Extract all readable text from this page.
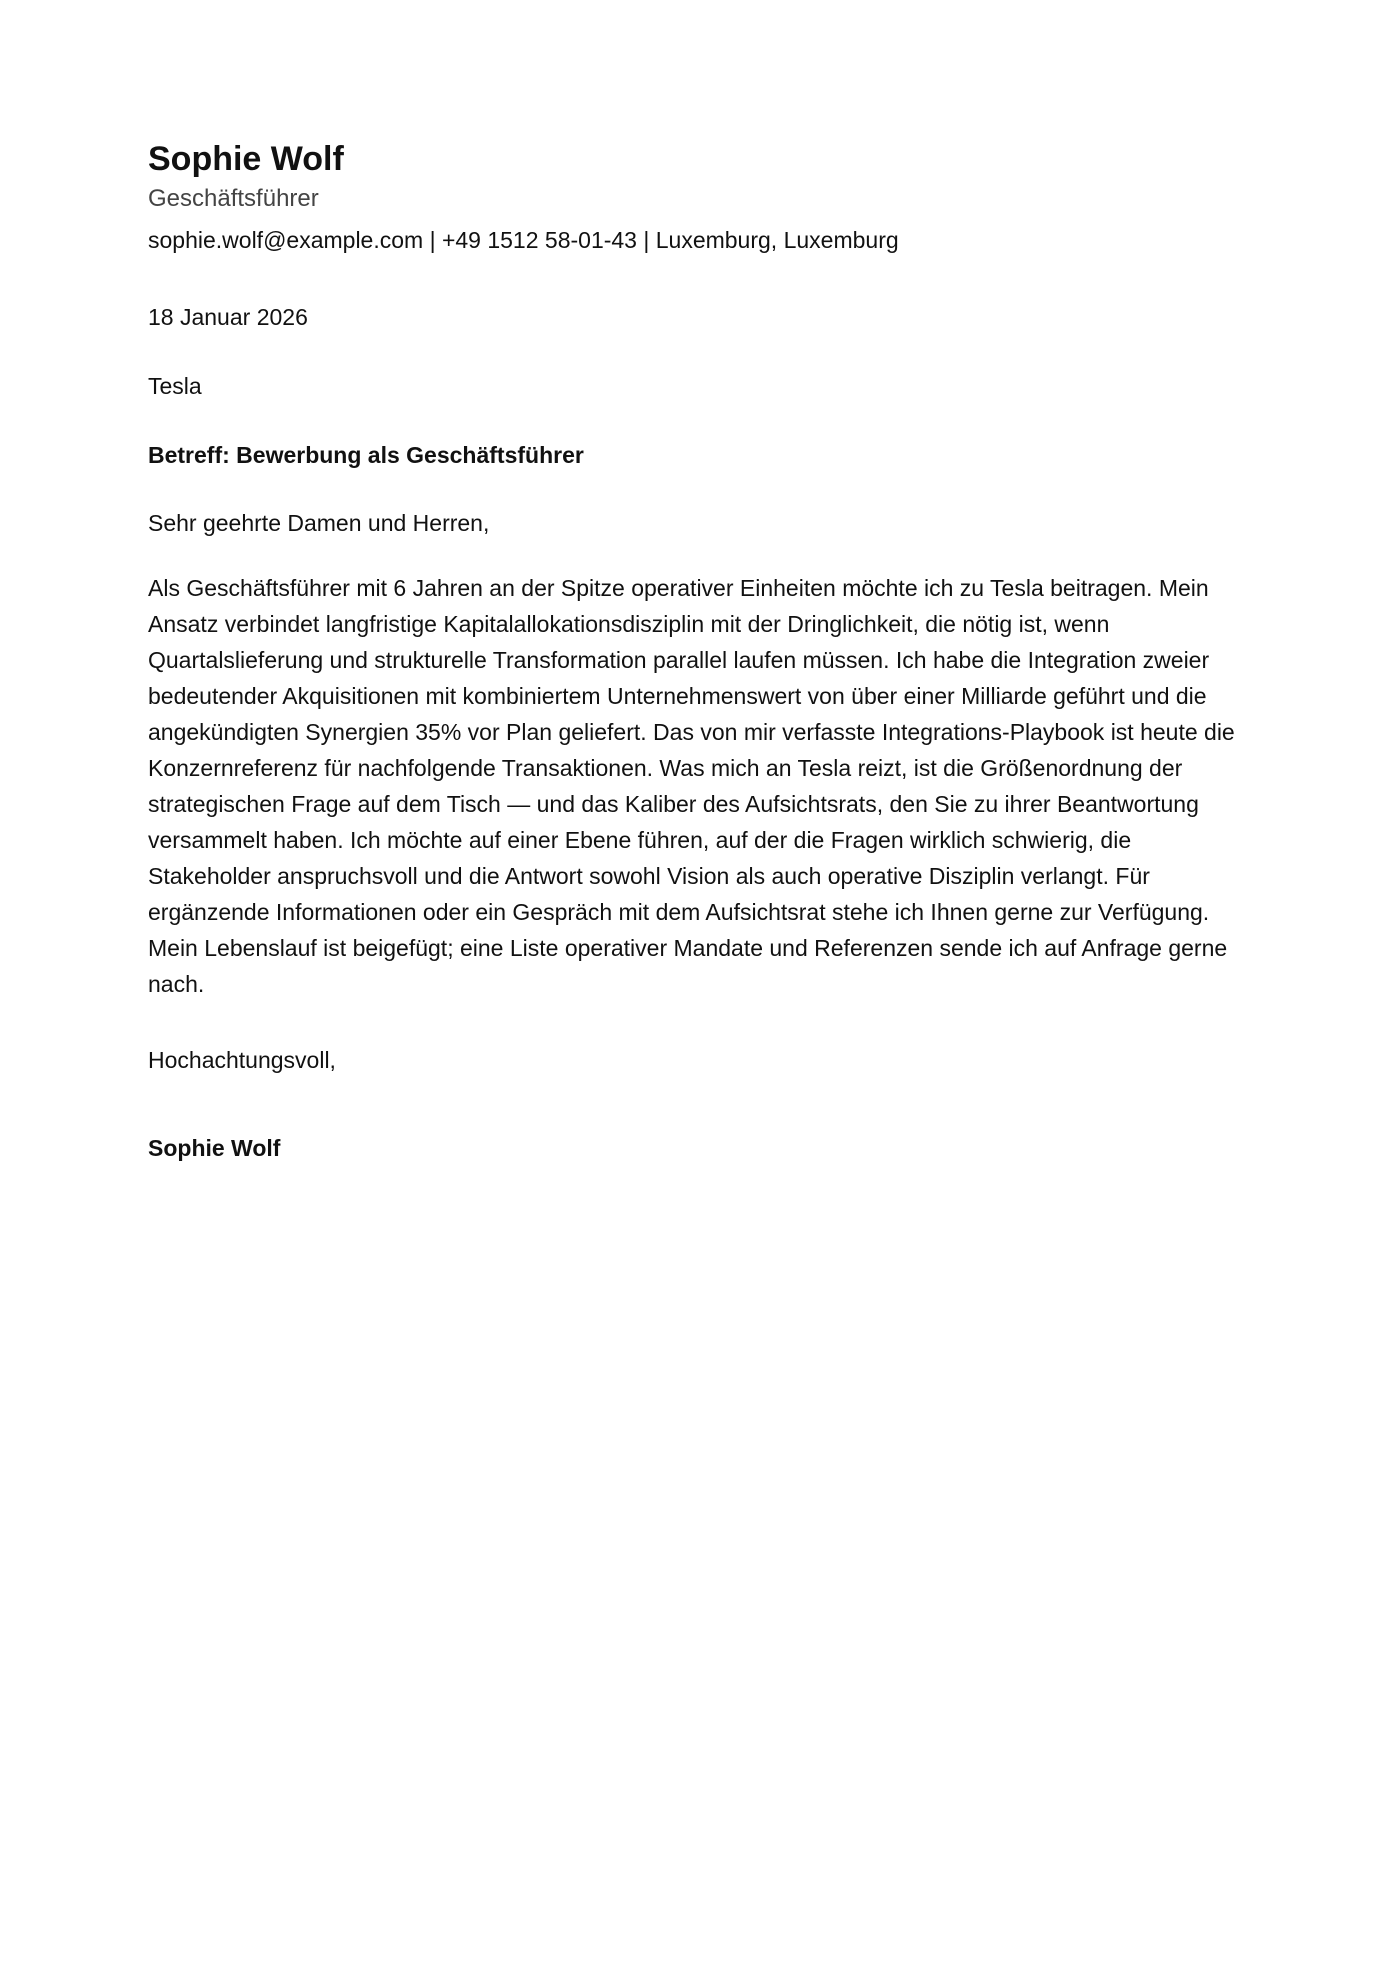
Sophie Wolf
Geschäftsführer
sophie.wolf@example.com | +49 1512 58-01-43 | Luxemburg, Luxemburg
18 Januar 2026
Tesla
Betreff: Bewerbung als Geschäftsführer
Sehr geehrte Damen und Herren,
Als Geschäftsführer mit 6 Jahren an der Spitze operativer Einheiten möchte ich zu Tesla beitragen. Mein Ansatz verbindet langfristige Kapitalallokationsdisziplin mit der Dringlichkeit, die nötig ist, wenn Quartalslieferung und strukturelle Transformation parallel laufen müssen. Ich habe die Integration zweier bedeutender Akquisitionen mit kombiniertem Unternehmenswert von über einer Milliarde geführt und die angekündigten Synergien 35% vor Plan geliefert. Das von mir verfasste Integrations-Playbook ist heute die Konzernreferenz für nachfolgende Transaktionen. Was mich an Tesla reizt, ist die Größenordnung der strategischen Frage auf dem Tisch — und das Kaliber des Aufsichtsrats, den Sie zu ihrer Beantwortung versammelt haben. Ich möchte auf einer Ebene führen, auf der die Fragen wirklich schwierig, die Stakeholder anspruchsvoll und die Antwort sowohl Vision als auch operative Disziplin verlangt. Für ergänzende Informationen oder ein Gespräch mit dem Aufsichtsrat stehe ich Ihnen gerne zur Verfügung. Mein Lebenslauf ist beigefügt; eine Liste operativer Mandate und Referenzen sende ich auf Anfrage gerne nach.
Hochachtungsvoll,
Sophie Wolf
